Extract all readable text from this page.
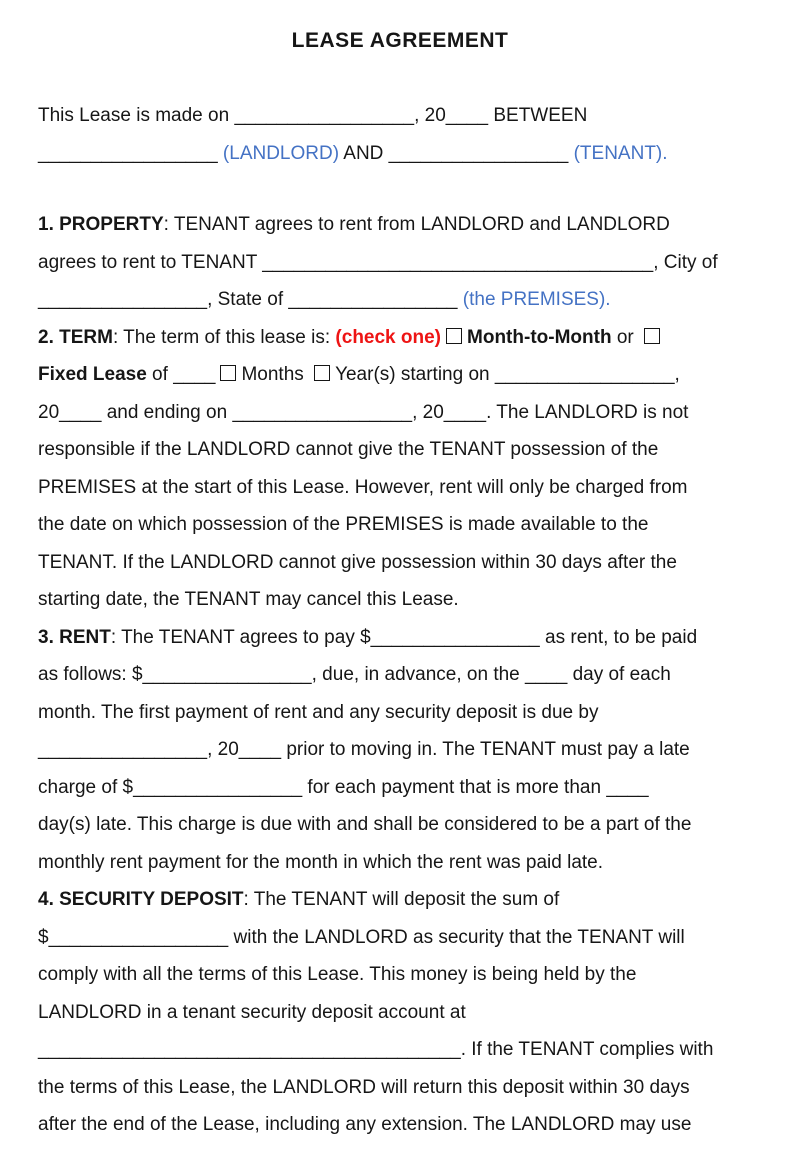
LEASE AGREEMENT
This Lease is made on _________________, 20____ BETWEEN
_________________ (LANDLORD) AND _________________ (TENANT).
1. PROPERTY: TENANT agrees to rent from LANDLORD and LANDLORD
agrees to rent to TENANT _____________________________________, City of
________________, State of ________________ (the PREMISES).
2. TERM: The term of this lease is: (check one) Month-to-Month or
Fixed Lease of ____ Months Year(s) starting on _________________,
20____ and ending on _________________, 20____. The LANDLORD is not
responsible if the LANDLORD cannot give the TENANT possession of the
PREMISES at the start of this Lease. However, rent will only be charged from
the date on which possession of the PREMISES is made available to the
TENANT. If the LANDLORD cannot give possession within 30 days after the
starting date, the TENANT may cancel this Lease.
3. RENT: The TENANT agrees to pay $________________ as rent, to be paid
as follows: $________________, due, in advance, on the ____ day of each
month. The first payment of rent and any security deposit is due by
________________, 20____ prior to moving in. The TENANT must pay a late
charge of $________________ for each payment that is more than ____
day(s) late. This charge is due with and shall be considered to be a part of the
monthly rent payment for the month in which the rent was paid late.
4. SECURITY DEPOSIT: The TENANT will deposit the sum of
$_________________ with the LANDLORD as security that the TENANT will
comply with all the terms of this Lease. This money is being held by the
LANDLORD in a tenant security deposit account at
________________________________________. If the TENANT complies with
the terms of this Lease, the LANDLORD will return this deposit within 30 days
after the end of the Lease, including any extension. The LANDLORD may use
